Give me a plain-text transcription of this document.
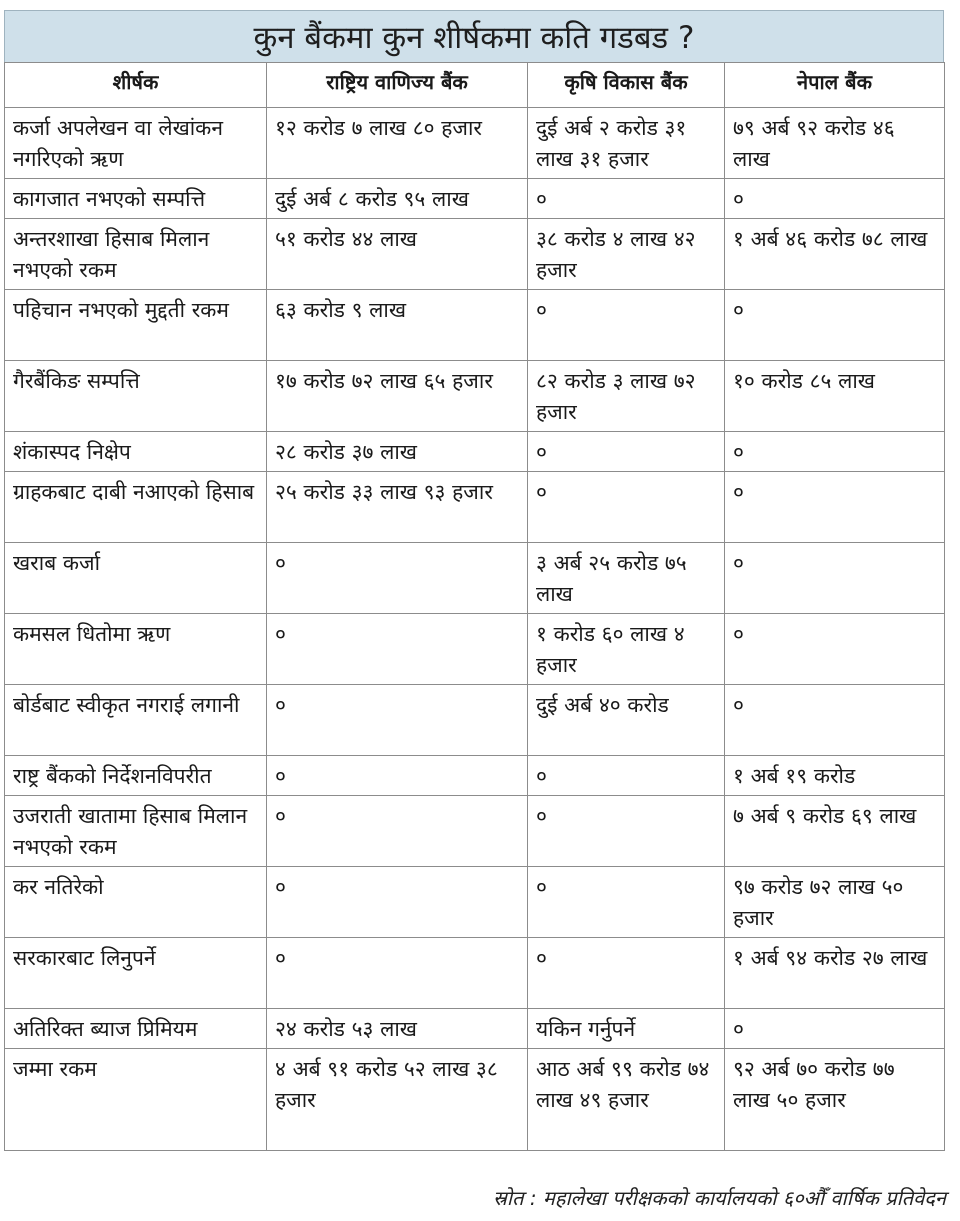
कुन बैंकमा कुन शीर्षकमा कति गडबड ?
शीर्षक	राष्ट्रिय वाणिज्य बैंक	कृषि विकास बैंक	नेपाल बैंक
कर्जा अपलेखन वा लेखांकन नगरिएको ऋण	१२ करोड ७ लाख ८० हजार	दुई अर्ब २ करोड ३१ लाख ३१ हजार	७९ अर्ब ९२ करोड ४६ लाख
कागजात नभएको सम्पत्ति	दुई अर्ब ८ करोड ९५ लाख	०	०
अन्तरशाखा हिसाब मिलान नभएको रकम	५१ करोड ४४ लाख	३८ करोड ४ लाख ४२ हजार	१ अर्ब ४६ करोड ७८ लाख
पहिचान नभएको मुद्दती रकम	६३ करोड ९ लाख	०	०
गैरबैंकिङ सम्पत्ति	१७ करोड ७२ लाख ६५ हजार	८२ करोड ३ लाख ७२ हजार	१० करोड ८५ लाख
शंकास्पद निक्षेप	२८ करोड ३७ लाख	०	०
ग्राहकबाट दाबी नआएको हिसाब	२५ करोड ३३ लाख ९३ हजार	०	०
खराब कर्जा	०	३ अर्ब २५ करोड ७५ लाख	०
कमसल धितोमा ऋण	०	१ करोड ६० लाख ४ हजार	०
बोर्डबाट स्वीकृत नगराई लगानी	०	दुई अर्ब ४० करोड	०
राष्ट्र बैंकको निर्देशनविपरीत	०	०	१ अर्ब १९ करोड
उजराती खातामा हिसाब मिलान नभएको रकम	०	०	७ अर्ब ९ करोड ६९ लाख
कर नतिरेको	०	०	९७ करोड ७२ लाख ५० हजार
सरकारबाट लिनुपर्ने	०	०	१ अर्ब ९४ करोड २७ लाख
अतिरिक्त ब्याज प्रिमियम	२४ करोड ५३ लाख	यकिन गर्नुपर्ने	०
जम्मा रकम	४ अर्ब ९१ करोड ५२ लाख ३८ हजार	आठ अर्ब ९९ करोड ७४ लाख ४९ हजार	९२ अर्ब ७० करोड ७७ लाख ५० हजार
स्रोत : महालेखा परीक्षकको कार्यालयको ६०औँ वार्षिक प्रतिवेदन
